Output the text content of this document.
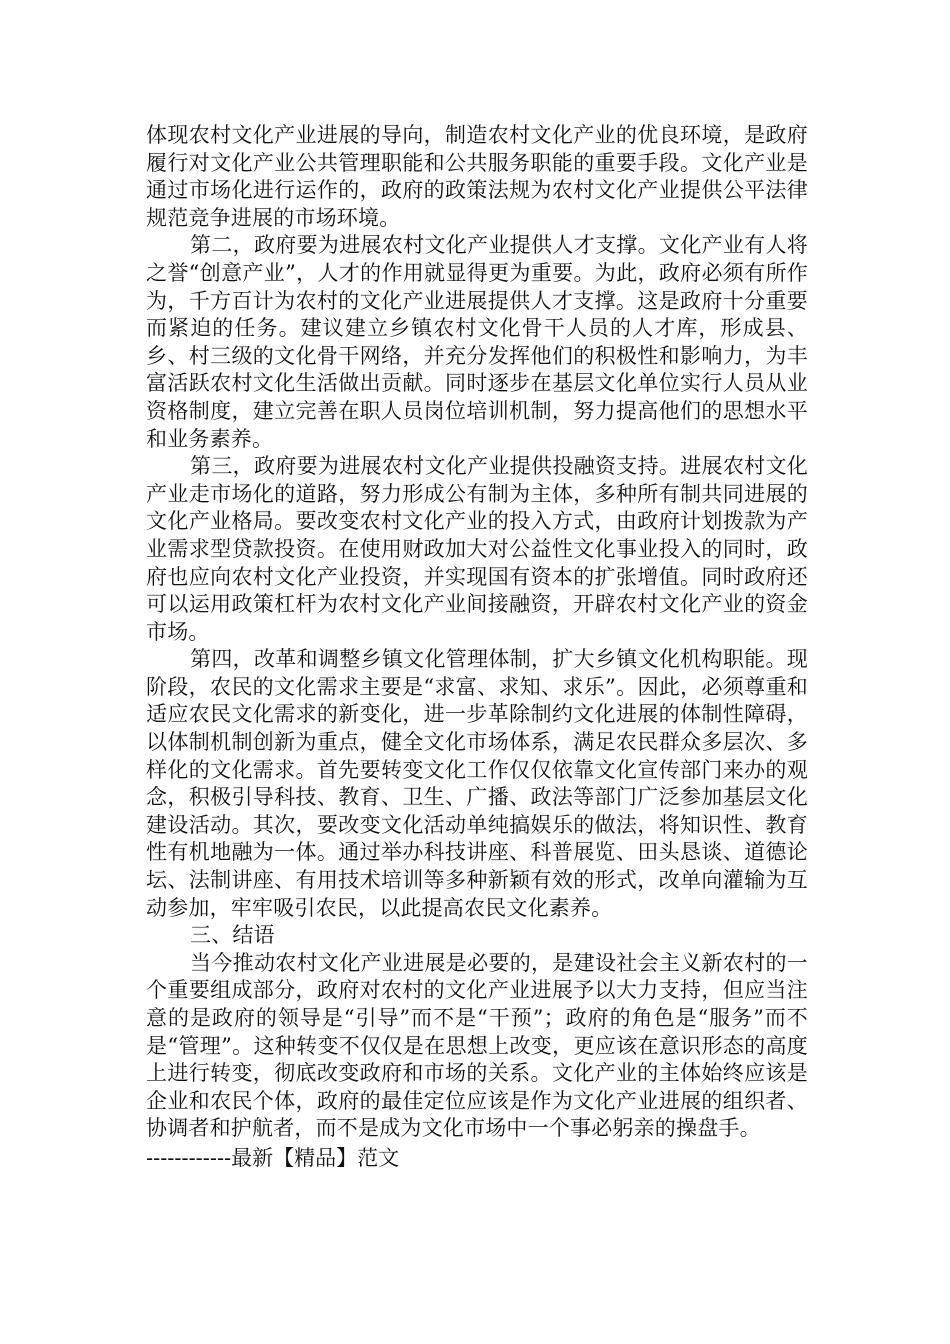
体现农村文化产业进展的导向，制造农村文化产业的优良环境，是政府履行对文化产业公共管理职能和公共服务职能的重要手段。文化产业是通过市场化进行运作的，政府的政策法规为农村文化产业提供公平法律规范竞争进展的市场环境。

第二，政府要为进展农村文化产业提供人才支撑。文化产业有人将之誉“创意产业”，人才的作用就显得更为重要。为此，政府必须有所作为，千方百计为农村的文化产业进展提供人才支撑。这是政府十分重要而紧迫的任务。建议建立乡镇农村文化骨干人员的人才库，形成县、乡、村三级的文化骨干网络，并充分发挥他们的积极性和影响力，为丰富活跃农村文化生活做出贡献。同时逐步在基层文化单位实行人员从业资格制度，建立完善在职人员岗位培训机制，努力提高他们的思想水平和业务素养。

第三，政府要为进展农村文化产业提供投融资支持。进展农村文化产业走市场化的道路，努力形成公有制为主体，多种所有制共同进展的文化产业格局。要改变农村文化产业的投入方式，由政府计划拨款为产业需求型贷款投资。在使用财政加大对公益性文化事业投入的同时，政府也应向农村文化产业投资，并实现国有资本的扩张增值。同时政府还可以运用政策杠杆为农村文化产业间接融资，开辟农村文化产业的资金市场。

第四，改革和调整乡镇文化管理体制，扩大乡镇文化机构职能。现阶段，农民的文化需求主要是“求富、求知、求乐”。因此，必须尊重和适应农民文化需求的新变化，进一步革除制约文化进展的体制性障碍，以体制机制创新为重点，健全文化市场体系，满足农民群众多层次、多样化的文化需求。首先要转变文化工作仅仅依靠文化宣传部门来办的观念，积极引导科技、教育、卫生、广播、政法等部门广泛参加基层文化建设活动。其次，要改变文化活动单纯搞娱乐的做法，将知识性、教育性有机地融为一体。通过举办科技讲座、科普展览、田头恳谈、道德论坛、法制讲座、有用技术培训等多种新颖有效的形式，改单向灌输为互动参加，牢牢吸引农民，以此提高农民文化素养。

三、结语

当今推动农村文化产业进展是必要的，是建设社会主义新农村的一个重要组成部分，政府对农村的文化产业进展予以大力支持，但应当注意的是政府的领导是“引导”而不是“干预”；政府的角色是“服务”而不是“管理”。这种转变不仅仅是在思想上改变，更应该在意识形态的高度上进行转变，彻底改变政府和市场的关系。文化产业的主体始终应该是企业和农民个体，政府的最佳定位应该是作为文化产业进展的组织者、协调者和护航者，而不是成为文化市场中一个事必躬亲的操盘手。

------------最新【精品】范文
